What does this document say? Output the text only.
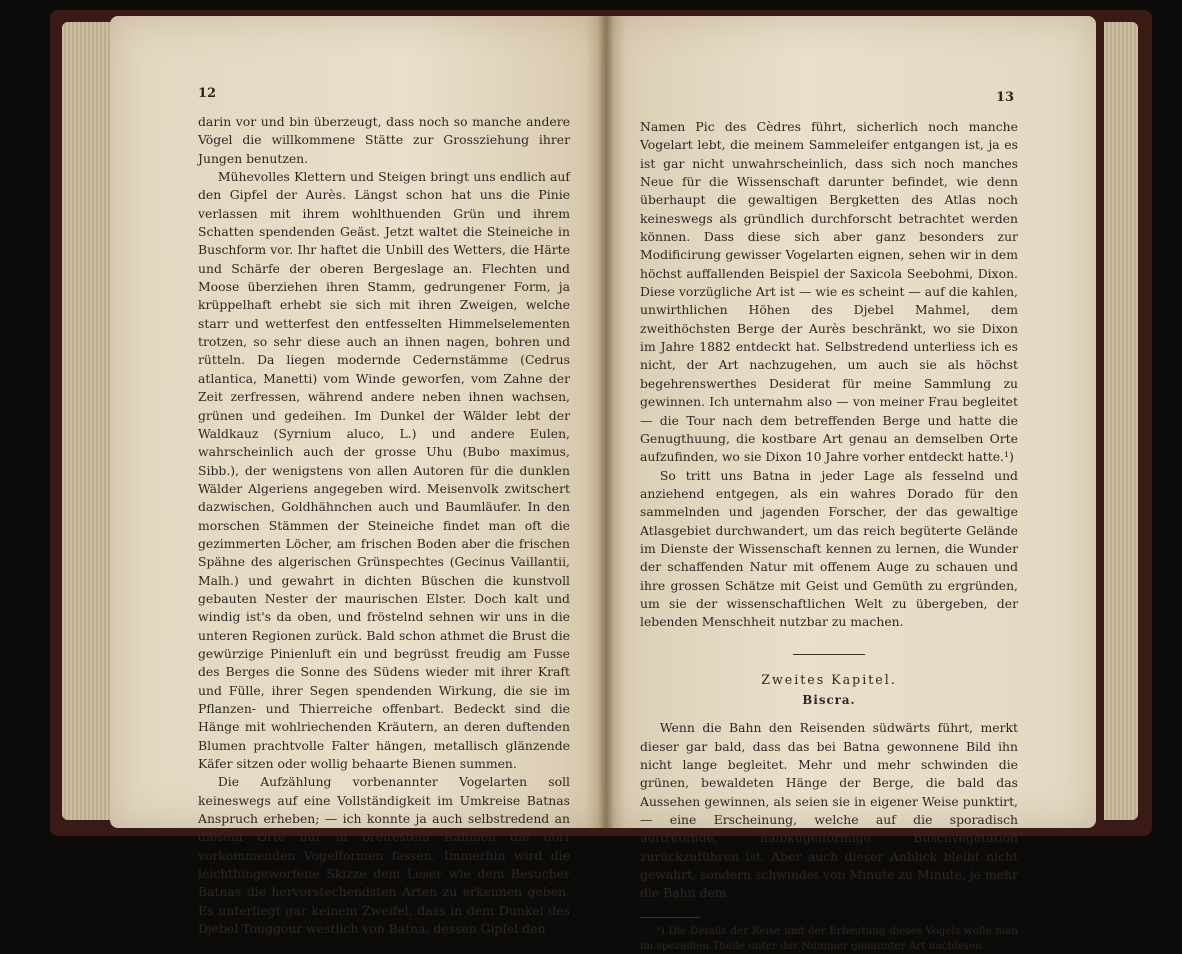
12	13

darin vor und bin überzeugt, dass noch so manche andere Vögel die willkommene Stätte zur Grossziehung ihrer Jungen benutzen.

Mühevolles Klettern und Steigen bringt uns endlich auf den Gipfel der Aurès. Längst schon hat uns die Pinie verlassen mit ihrem wohlthuenden Grün und ihrem Schatten spendenden Geäst. Jetzt waltet die Steineiche in Buschform vor. Ihr haftet die Unbill des Wetters, die Härte und Schärfe der oberen Bergeslage an. Flechten und Moose überziehen ihren Stamm, gedrungener Form, ja krüppelhaft erhebt sie sich mit ihren Zweigen, welche starr und wetterfest den entfesselten Himmelselementen trotzen, so sehr diese auch an ihnen nagen, bohren und rütteln. Da liegen modernde Cedernstämme (Cedrus atlantica, Manetti) vom Winde geworfen, vom Zahne der Zeit zerfressen, während andere neben ihnen wachsen, grünen und gedeihen. Im Dunkel der Wälder lebt der Waldkauz (Syrnium aluco, L.) und andere Eulen, wahrscheinlich auch der grosse Uhu (Bubo maximus, Sibb.), der wenigstens von allen Autoren für die dunklen Wälder Algeriens angegeben wird. Meisenvolk zwitschert dazwischen, Goldhähnchen auch und Baumläufer. In den morschen Stämmen der Steineiche findet man oft die gezimmerten Löcher, am frischen Boden aber die frischen Spähne des algerischen Grünspechtes (Gecinus Vaillantii, Malh.) und gewahrt in dichten Büschen die kunstvoll gebauten Nester der maurischen Elster. Doch kalt und windig ist's da oben, und fröstelnd sehnen wir uns in die unteren Regionen zurück. Bald schon athmet die Brust die gewürzige Pinienluft ein und begrüsst freudig am Fusse des Berges die Sonne des Südens wieder mit ihrer Kraft und Fülle, ihrer Segen spendenden Wirkung, die sie im Pflanzen- und Thierreiche offenbart. Bedeckt sind die Hänge mit wohlriechenden Kräutern, an deren duftenden Blumen prachtvolle Falter hängen, metallisch glänzende Käfer sitzen oder wollig behaarte Bienen summen.

Die Aufzählung vorbenannter Vogelarten soll keineswegs auf eine Vollständigkeit im Umkreise Batnas Anspruch erheben; — ich konnte ja auch selbstredend an diesem Orte nur in breitestem Rahmen die dort vorkommenden Vogelformen fassen. Immerhin wird die leichthingeworfene Skizze dem Leser wie dem Besucher Batnas die hervorstechendsten Arten zu erkennen geben. Es unterliegt gar keinem Zweifel, dass in dem Dunkel des Djebel Touggour westlich von Batna, dessen Gipfel den

Namen Pic des Cèdres führt, sicherlich noch manche Vogelart lebt, die meinem Sammeleifer entgangen ist, ja es ist gar nicht unwahrscheinlich, dass sich noch manches Neue für die Wissenschaft darunter befindet, wie denn überhaupt die gewaltigen Bergketten des Atlas noch keineswegs als gründlich durchforscht betrachtet werden können. Dass diese sich aber ganz besonders zur Modificirung gewisser Vogelarten eignen, sehen wir in dem höchst auffallenden Beispiel der Saxicola Seebohmi, Dixon. Diese vorzügliche Art ist — wie es scheint — auf die kahlen, unwirthlichen Höhen des Djebel Mahmel, dem zweithöchsten Berge der Aurès beschränkt, wo sie Dixon im Jahre 1882 entdeckt hat. Selbstredend unterliess ich es nicht, der Art nachzugehen, um auch sie als höchst begehrenswerthes Desiderat für meine Sammlung zu gewinnen. Ich unternahm also — von meiner Frau begleitet — die Tour nach dem betreffenden Berge und hatte die Genugthuung, die kostbare Art genau an demselben Orte aufzufinden, wo sie Dixon 10 Jahre vorher entdeckt hatte.¹)

So tritt uns Batna in jeder Lage als fesselnd und anziehend entgegen, als ein wahres Dorado für den sammelnden und jagenden Forscher, der das gewaltige Atlasgebiet durchwandert, um das reich begüterte Gelände im Dienste der Wissenschaft kennen zu lernen, die Wunder der schaffenden Natur mit offenem Auge zu schauen und ihre grossen Schätze mit Geist und Gemüth zu ergründen, um sie der wissenschaftlichen Welt zu übergeben, der lebenden Menschheit nutzbar zu machen.

Zweites Kapitel.
Biscra.

Wenn die Bahn den Reisenden südwärts führt, merkt dieser gar bald, dass das bei Batna gewonnene Bild ihn nicht lange begleitet. Mehr und mehr schwinden die grünen, bewaldeten Hänge der Berge, die bald das Aussehen gewinnen, als seien sie in eigener Weise punktirt, — eine Erscheinung, welche auf die sporadisch auftretende, halbkugelförmige Buschvegetation zurückzuführen ist. Aber auch dieser Anblick bleibt nicht gewahrt, sondern schwindet von Minute zu Minute, je mehr die Bahn dem

¹) Die Détails der Reise und der Erbeutung dieses Vogels wolle man im speziellen Theile unter der Nummer genannter Art nachlesen.
